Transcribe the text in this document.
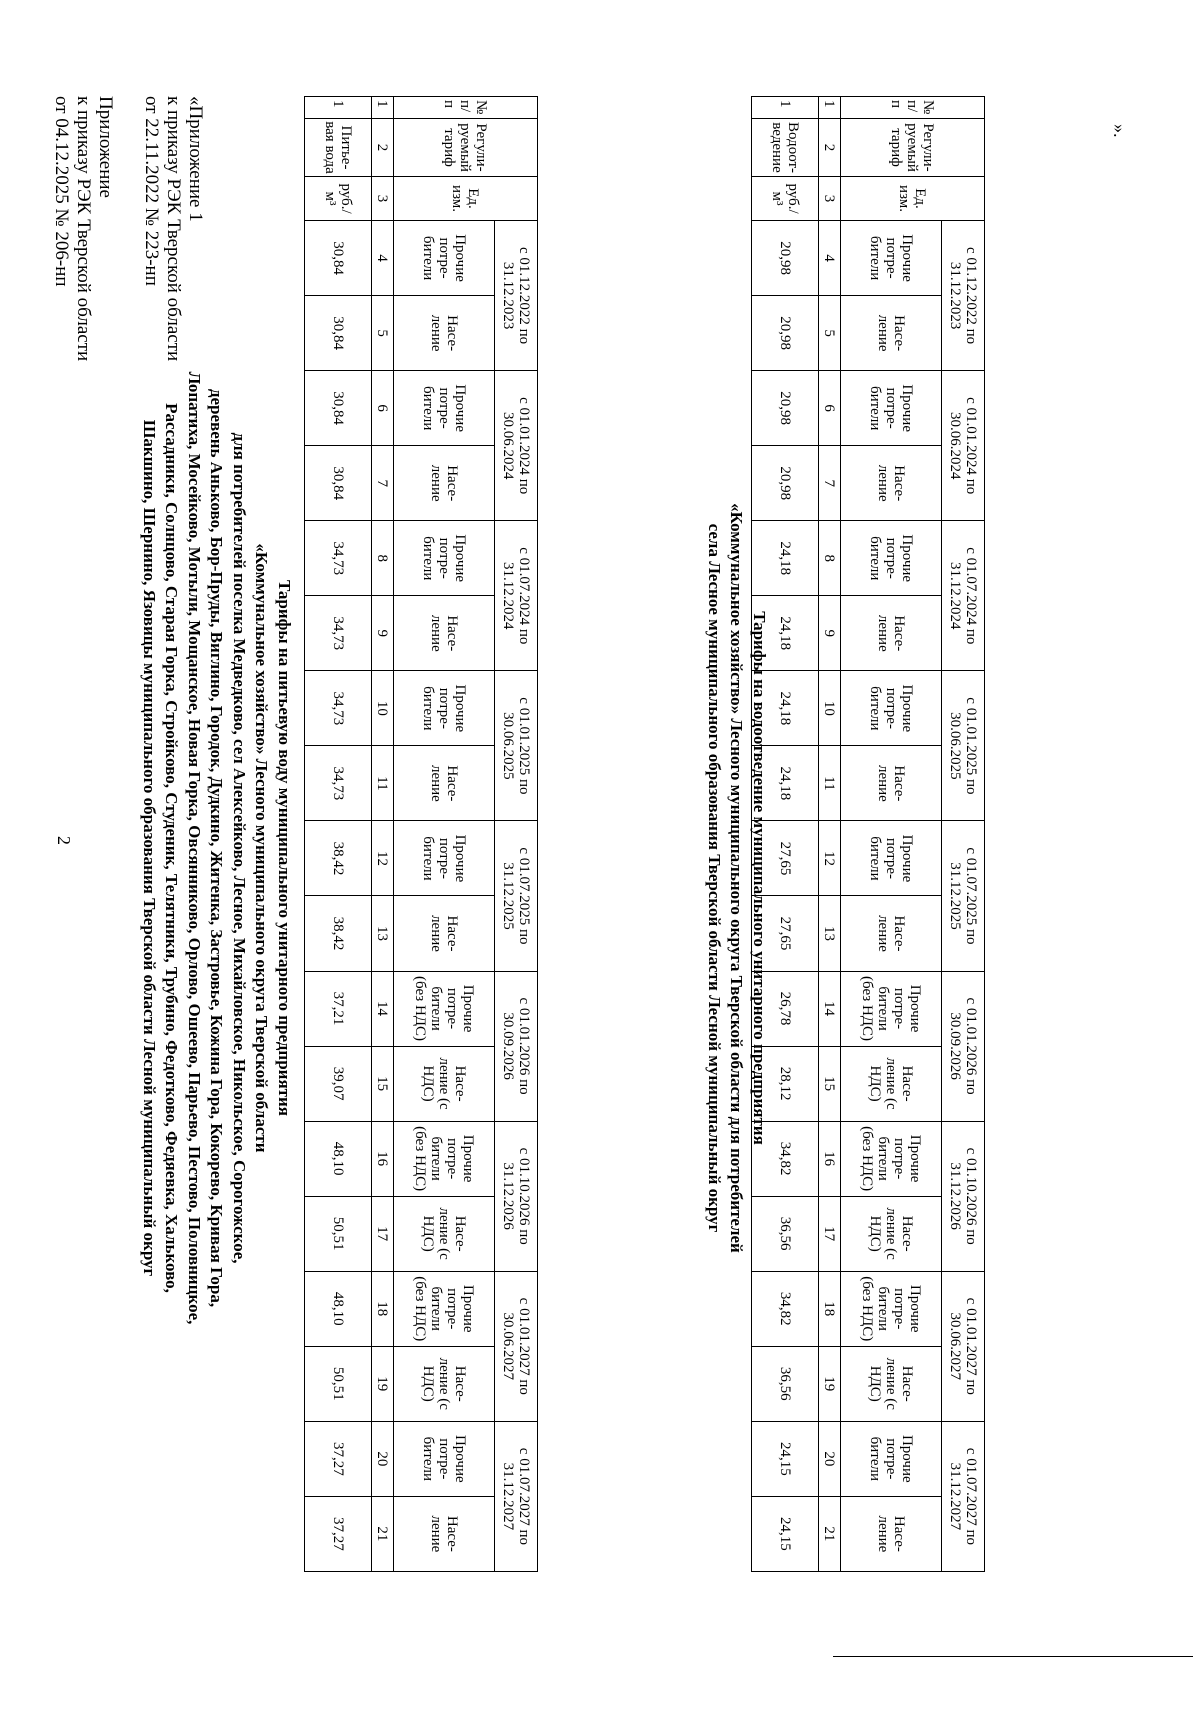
2
Приложение
к приказу РЭК Тверской области
от 04.12.2025 № 206-нп	«Приложение 1
к приказу РЭК Тверской области
от 22.11.2022 № 223-нп
Тарифы на питьевую воду муниципального унитарного предприятия
«Коммунальное хозяйство» Лесного муниципального округа Тверской области
для потребителей поселка Медведково, сел Алексейково, Лесное, Михайловское, Никольское, Сорогожское,
деревень Аньково, Бор-Пруды, Виглино, Городок, Дудкино, Житенка, Застровье, Кожина Гора, Кокорево, Кривая Гора,
Лопатиха, Мосейково, Мотыли, Мощанское, Новая Горка, Овсянниково, Орлово, Ошеево, Парьево, Пестово, Половницкое,
Рассадники, Солнцово, Старая Горка, Стройково, Студеник, Телятники, Трубино, Федотково, Федяевка, Хальково,
Шакшино, Шернино, Язовицы муниципального образования Тверской области Лесной муниципальный округ
№ п/п	Регули-руемый тариф	Ед. изм.	с 01.12.2022 по 31.12.2023		с 01.01.2024 по 30.06.2024		с 01.07.2024 по 31.12.2024		с 01.01.2025 по 30.06.2025		с 01.07.2025 по 31.12.2025		с 01.01.2026 по 30.09.2026		с 01.10.2026 по 31.12.2026		с 01.01.2027 по 30.06.2027		с 01.07.2027 по 31.12.2027	
			Прочие потре-бители	Насе-ление	Прочие потре-бители	Насе-ление	Прочие потре-бители	Насе-ление	Прочие потре-бители	Насе-ление	Прочие потре-бители	Насе-ление	Прочие потре-бители (без НДС)	Насе-ление (с НДС)	Прочие потре-бители (без НДС)	Насе-ление (с НДС)	Прочие потре-бители (без НДС)	Насе-ление (с НДС)	Прочие потре-бители	Насе-ление
1	2	3	4	5	6	7	8	9	10	11	12	13	14	15	16	17	18	19	20	21
1	Питье-вая вода	руб./м³	30,84	30,84	30,84	30,84	34,73	34,73	34,73	34,73	38,42	38,42	37,21	39,07	48,10	50,51	48,10	50,51	37,27	37,27
Тарифы на водоотведение муниципального унитарного предприятия
«Коммунальное хозяйство» Лесного муниципального округа Тверской области для потребителей
села Лесное муниципального образования Тверской области Лесной муниципальный округ
№ п/п	Регули-руемый тариф	Ед. изм.	с 01.12.2022 по 31.12.2023		с 01.01.2024 по 30.06.2024		с 01.07.2024 по 31.12.2024		с 01.01.2025 по 30.06.2025		с 01.07.2025 по 31.12.2025		с 01.01.2026 по 30.09.2026		с 01.10.2026 по 31.12.2026		с 01.01.2027 по 30.06.2027		с 01.07.2027 по 31.12.2027	
			Прочие потре-бители	Насе-ление	Прочие потре-бители	Насе-ление	Прочие потре-бители	Насе-ление	Прочие потре-бители	Насе-ление	Прочие потре-бители	Насе-ление	Прочие потре-бители (без НДС)	Насе-ление (с НДС)	Прочие потре-бители (без НДС)	Насе-ление (с НДС)	Прочие потре-бители (без НДС)	Насе-ление (с НДС)	Прочие потре-бители	Насе-ление
1	2	3	4	5	6	7	8	9	10	11	12	13	14	15	16	17	18	19	20	21
1	Водоот-ведение	руб./м³	20,98	20,98	20,98	20,98	24,18	24,18	24,18	24,18	27,65	27,65	26,78	28,12	34,82	36,56	34,82	36,56	24,15	24,15
».
